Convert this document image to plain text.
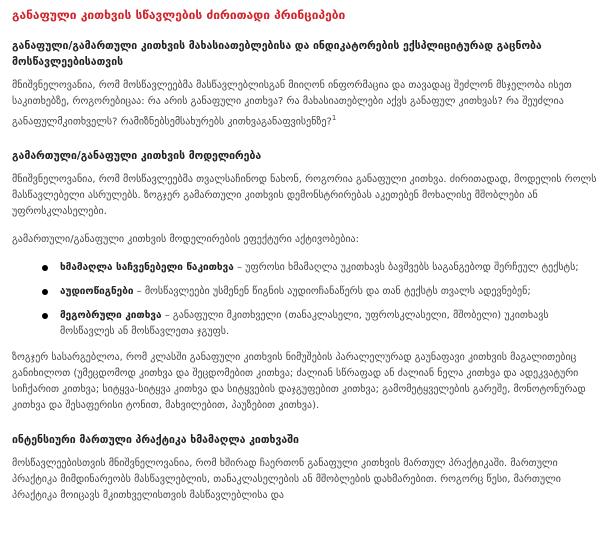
განაფული კითხვის სწავლების ძირითადი პრინციპები
განაფული/გამართული კითხვის მახასიათებლებისა და ინდიკატორების ექსპლიციტურად გაცნობა მოსწავლეებისათვის
მნიშვნელოვანია, რომ მოსწავლეებმა მასწავლებლისგან მიიღონ ინფორმაცია და თავადაც შეძლონ მსჯელობა ისეთ საკითხებზე, როგორებიცაა: რა არის განაფული კითხვა? რა მახასიათებლები აქვს განაფულ კითხვას? რა შეუძლია განაფულმკითხველს? რამიზნებსემსახურებს კითხვაგანაფვისენზე?$^1$
გამართული/განაფული კითხვის მოდელირება
მნიშვნელოვანია, რომ მოსწავლეებმა თვალსაჩინოდ ნახონ, როგორია განაფული კითხვა. ძირითადად, მოდელის როლს მასწავლებელი ასრულებს. ზოგჯერ გამართული კითხვის დემონსტრირებას აკეთებენ მოხალისე მშობლები ან უფროსკლასელები.
გამართული/განაფული კითხვის მოდელირების ეფექტური აქტივობებია:
ხმამაღლა საჩვენებელი წაკითხვა – უფროსი ხმამაღლა უკითხავს ბავშვებს საგანგებოდ შერჩეულ ტექსტს;
აუდიოწიგნები – მოსწავლეები უსმენენ წიგნის აუდიოჩანაწერს და თან ტექსტს თვალს ადევნებენ;
მეგობრული კითხვა – განაფული მკითხველი (თანაკლასელი, უფროსკლასელი, მშობელი) უკითხავს მოსწავლეს ან მოსწავლეთა ჯგუფს.
ზოგჯერ სასარგებლოა, რომ კლასში განაფული კითხვის ნიმუშების პარალელურად გაუნაფავი კითხვის მაგალითებიც განიხილოთ (უმეცდომოდ კითხვა და შეცდომებით კითხვა; ძალიან სწრაფად ან ძალიან ნელა კითხვა და ადეკვატური სიჩქარით კითხვა; სიტყვა-სიტყვა კითხვა და სიტყვების დაჯგუფებით კითხვა; გამომეტყველების გარეშე, მონოტონურად კითხვა და შესაფერისი ტონით, მახვილებით, პაუზებით კითხვა).
ინტენსიური მართული პრაქტიკა ხმამაღლა კითხვაში
მოსწავლეებისთვის მნიშვნელოვანია, რომ ხშირად ჩაერთონ განაფული კითხვის მართულ პრაქტიკაში. მართული პრაქტიკა მიმდინარეობს მასწავლებლის, თანაკლასელების ან მშობლების დახმარებით. როგორც წესი, მართული პრაქტიკა მოიცავს მკითხველისთვის მასწავლებლისა და
